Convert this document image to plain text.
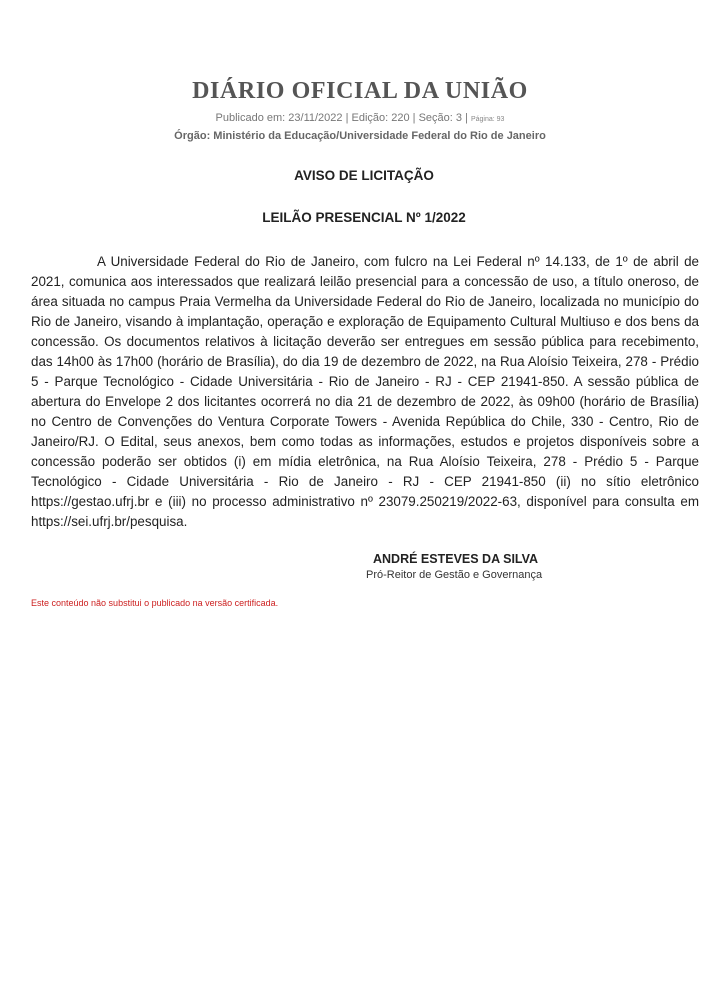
DIÁRIO OFICIAL DA UNIÃO
Publicado em: 23/11/2022 | Edição: 220 | Seção: 3 | Página: 93
Órgão: Ministério da Educação/Universidade Federal do Rio de Janeiro
AVISO DE LICITAÇÃO
LEILÃO PRESENCIAL Nº 1/2022

A Universidade Federal do Rio de Janeiro, com fulcro na Lei Federal nº 14.133, de 1º de abril de 2021, comunica aos interessados que realizará leilão presencial para a concessão de uso, a título oneroso, de área situada no campus Praia Vermelha da Universidade Federal do Rio de Janeiro, localizada no município do Rio de Janeiro, visando à implantação, operação e exploração de Equipamento Cultural Multiuso e dos bens da concessão. Os documentos relativos à licitação deverão ser entregues em sessão pública para recebimento, das 14h00 às 17h00 (horário de Brasília), do dia 19 de dezembro de 2022, na Rua Aloísio Teixeira, 278 - Prédio 5 - Parque Tecnológico - Cidade Universitária - Rio de Janeiro - RJ - CEP 21941-850. A sessão pública de abertura do Envelope 2 dos licitantes ocorrerá no dia 21 de dezembro de 2022, às 09h00 (horário de Brasília) no Centro de Convenções do Ventura Corporate Towers - Avenida República do Chile, 330 - Centro, Rio de Janeiro/RJ. O Edital, seus anexos, bem como todas as informações, estudos e projetos disponíveis sobre a concessão poderão ser obtidos (i) em mídia eletrônica, na Rua Aloísio Teixeira, 278 - Prédio 5 - Parque Tecnológico - Cidade Universitária - Rio de Janeiro - RJ - CEP 21941-850 (ii) no sítio eletrônico https://gestao.ufrj.br e (iii) no processo administrativo nº 23079.250219/2022-63, disponível para consulta em https://sei.ufrj.br/pesquisa.

ANDRÉ ESTEVES DA SILVA
Pró-Reitor de Gestão e Governança
Este conteúdo não substitui o publicado na versão certificada.
